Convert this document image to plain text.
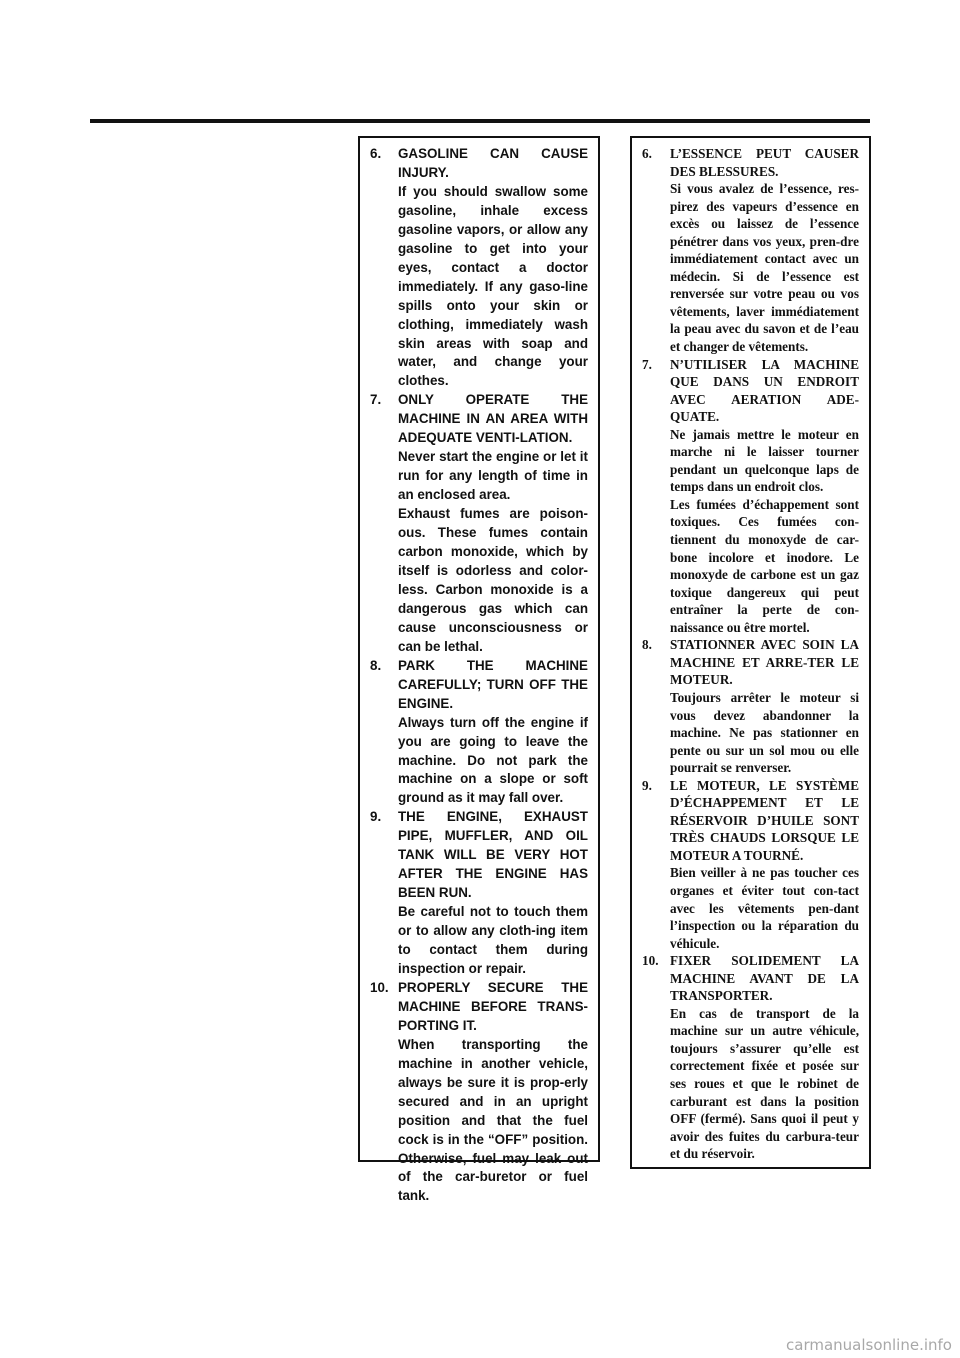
6.	GASOLINE CAN CAUSE INJURY.

If you should swallow some gasoline, inhale excess gasoline vapors, or allow any gasoline to get into your eyes, contact a doctor immediately. If any gaso-line spills onto your skin or clothing, immediately wash skin areas with soap and water, and change your clothes.

7.	ONLY OPERATE THE MACHINE IN AN AREA WITH ADEQUATE VENTI-LATION.

Never start the engine or let it run for any length of time in an enclosed area.

Exhaust fumes are poison-ous. These fumes contain carbon monoxide, which by itself is odorless and color-less. Carbon monoxide is a dangerous gas which can cause unconsciousness or can be lethal.

8.	PARK THE MACHINE CAREFULLY; TURN OFF THE ENGINE.

Always turn off the engine if you are going to leave the machine. Do not park the machine on a slope or soft ground as it may fall over.

9.	THE ENGINE, EXHAUST PIPE, MUFFLER, AND OIL TANK WILL BE VERY HOT AFTER THE ENGINE HAS BEEN RUN.

Be careful not to touch them or to allow any cloth-ing item to contact them during inspection or repair.

10. PROPERLY SECURE THE MACHINE BEFORE TRANS-PORTING IT.

When transporting the machine in another vehicle, always be sure it is prop-erly secured and in an upright position and that the fuel cock is in the “OFF” position. Otherwise, fuel may leak out of the car-buretor or fuel tank.

6.	L’ESSENCE PEUT CAUSER DES BLESSURES.

Si vous avalez de l’essence, res-pirez des vapeurs d’essence en excès ou laissez de l’essence pénétrer dans vos yeux, pren-dre immédiatement contact avec un médecin. Si de l’essence est renversée sur votre peau ou vos vêtements, laver immédiatement la peau avec du savon et de l’eau et changer de vêtements.

7.	N’UTILISER LA MACHINE QUE DANS UN ENDROIT AVEC AERATION ADE-QUATE.

Ne jamais mettre le moteur en marche ni le laisser tourner pendant un quelconque laps de temps dans un endroit clos.

Les fumées d’échappement sont toxiques. Ces fumées con-tiennent du monoxyde de car-bone incolore et inodore. Le monoxyde de carbone est un gaz toxique dangereux qui peut entraîner la perte de con-naissance ou être mortel.

8.	STATIONNER AVEC SOIN LA MACHINE ET ARRE-TER LE MOTEUR.

Toujours arrêter le moteur si vous devez abandonner la machine. Ne pas stationner en pente ou sur un sol mou ou elle pourrait se renverser.

9.	LE MOTEUR, LE SYSTÈME D’ÉCHAPPEMENT ET LE RÉSERVOIR D’HUILE SONT TRÈS CHAUDS LORSQUE LE MOTEUR A TOURNÉ.

Bien veiller à ne pas toucher ces organes et éviter tout con-tact avec les vêtements pen-dant l’inspection ou la réparation du véhicule.

10. FIXER SOLIDEMENT LA MACHINE AVANT DE LA TRANSPORTER.

En cas de transport de la machine sur un autre véhicule, toujours s’assurer qu’elle est correctement fixée et posée sur ses roues et que le robinet de carburant est dans la position OFF (fermé). Sans quoi il peut y avoir des fuites du carbura-teur et du réservoir.

carmanualsonline.info
